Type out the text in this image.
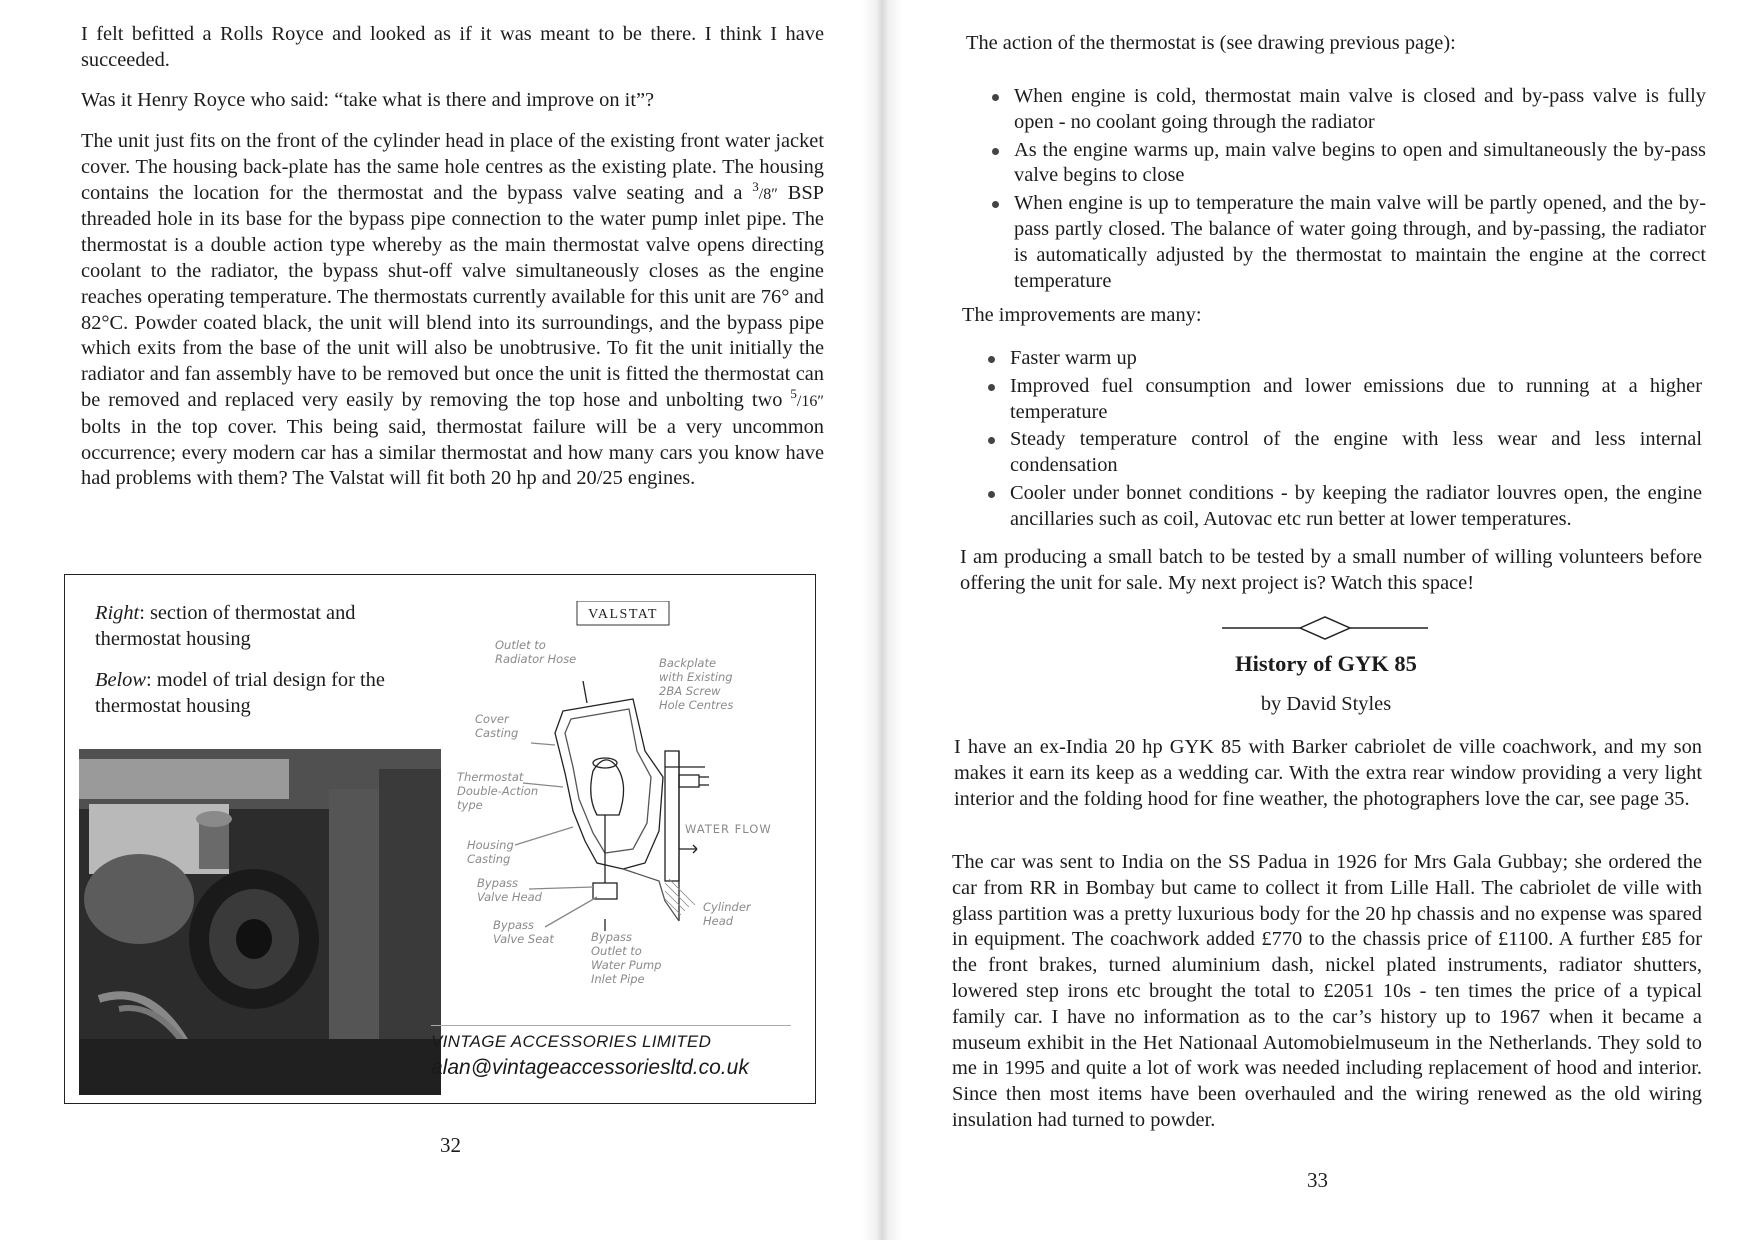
I felt befitted a Rolls Royce and looked as if it was meant to be there. I think I have succeeded.

Was it Henry Royce who said: “take what is there and improve on it”?

The unit just fits on the front of the cylinder head in place of the existing front water jacket cover. The housing back-plate has the same hole centres as the existing plate. The housing contains the location for the thermostat and the bypass valve seating and a $^3$/8″ BSP threaded hole in its base for the bypass pipe connection to the water pump inlet pipe. The thermostat is a double action type whereby as the main thermostat valve opens directing coolant to the radiator, the bypass shut-off valve simultaneously closes as the engine reaches operating temperature. The thermostats currently available for this unit are 76° and 82°C. Powder coated black, the unit will blend into its surroundings, and the bypass pipe which exits from the base of the unit will also be unobtrusive. To fit the unit initially the radiator and fan assembly have to be removed but once the unit is fitted the thermostat can be removed and replaced very easily by removing the top hose and unbolting two $^5$/16″ bolts in the top cover. This being said, thermostat failure will be a very uncommon occurrence; every modern car has a similar thermostat and how many cars you know have had problems with them? The Valstat will fit both 20 hp and 20/25 engines.

Right: section of thermostat and thermostat housing
Below: model of trial design for the thermostat housing
VALSTAT
Outlet to
Radiator Hose	Backplate
with Existing
2BA Screw
Hole Centres
Cover
Casting
Thermostat
Double-Action
type
Housing
Casting
Bypass
Valve Head
Bypass
Valve Seat
WATER FLOW
Cylinder
Head
Bypass
Outlet to
Water Pump
Inlet Pipe
VINTAGE ACCESSORIES LIMITED
alan@vintageaccessoriesltd.co.uk
32

The action of the thermostat is (see drawing previous page):

When engine is cold, thermostat main valve is closed and by-pass valve is fully open - no coolant going through the radiator
As the engine warms up, main valve begins to open and simultaneously the by-pass valve begins to close
When engine is up to temperature the main valve will be partly opened, and the by-pass partly closed. The balance of water going through, and by-passing, the radiator is automatically adjusted by the thermostat to maintain the engine at the correct temperature

The improvements are many:

Faster warm up
Improved fuel consumption and lower emissions due to running at a higher temperature
Steady temperature control of the engine with less wear and less internal condensation
Cooler under bonnet conditions - by keeping the radiator louvres open, the engine ancillaries such as coil, Autovac etc run better at lower temperatures.

I am producing a small batch to be tested by a small number of willing volunteers before offering the unit for sale. My next project is? Watch this space!

History of GYK 85
by David Styles

I have an ex-India 20 hp GYK 85 with Barker cabriolet de ville coachwork, and my son makes it earn its keep as a wedding car. With the extra rear window providing a very light interior and the folding hood for fine weather, the photographers love the car, see page 35.

The car was sent to India on the SS Padua in 1926 for Mrs Gala Gubbay; she ordered the car from RR in Bombay but came to collect it from Lille Hall. The cabriolet de ville with glass partition was a pretty luxurious body for the 20 hp chassis and no expense was spared in equipment. The coachwork added £770 to the chassis price of £1100. A further £85 for the front brakes, turned aluminium dash, nickel plated instruments, radiator shutters, lowered step irons etc brought the total to £2051 10s - ten times the price of a typical family car. I have no information as to the car’s history up to 1967 when it became a museum exhibit in the Het Nationaal Automobielmuseum in the Netherlands. They sold to me in 1995 and quite a lot of work was needed including replacement of hood and interior. Since then most items have been overhauled and the wiring renewed as the old wiring insulation had turned to powder.

33
